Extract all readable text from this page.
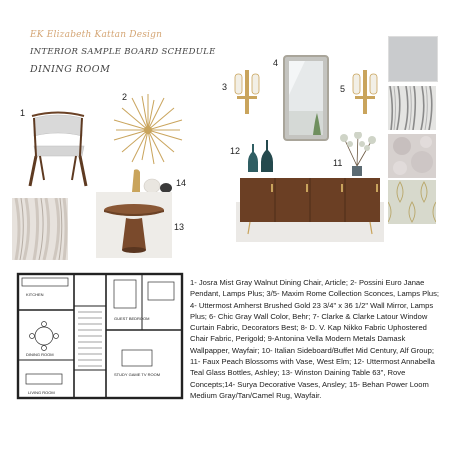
EK Elizabeth Kattan Design
INTERIOR SAMPLE BOARD SCHEDULE
DINING ROOM
1
2
3
4
5
11
12
13
14
KITCHEN
DINING ROOM
LIVING ROOM
GUEST BEDROOM
STUDY GAME TV ROOM
1- Josra Mist Gray Walnut Dining Chair, Article; 2- Possini Euro Janae Pendant, Lamps Plus; 3/5- Maxim Rome Collection Sconces, Lamps Plus; 4- Uttermost Amherst Brushed Gold 23 3/4" x 36 1/2" Wall Mirror, Lamps Plus; 6- Chic Gray Wall Color, Behr; 7- Clarke & Clarke Latour Window Curtain Fabric, Decorators Best; 8- D. V. Kap Nikko Fabric Uphostered Chair Fabric, Perigold; 9-Antonina Vella Modern Metals Damask Wallpapper, Wayfair; 10- Italian Sideboard/Buffet Mid Century, Alf Group; 11- Faux Peach Blossoms with Vase, West Elm; 12- Uttermost Annabella Teal Glass Bottles, Ashley; 13- Winston Daining Table 63", Rove Concepts;14- Surya Decorative Vases, Ansley; 15- Behan Power Loom Medium Gray/Tan/Camel Rug, Wayfair.
